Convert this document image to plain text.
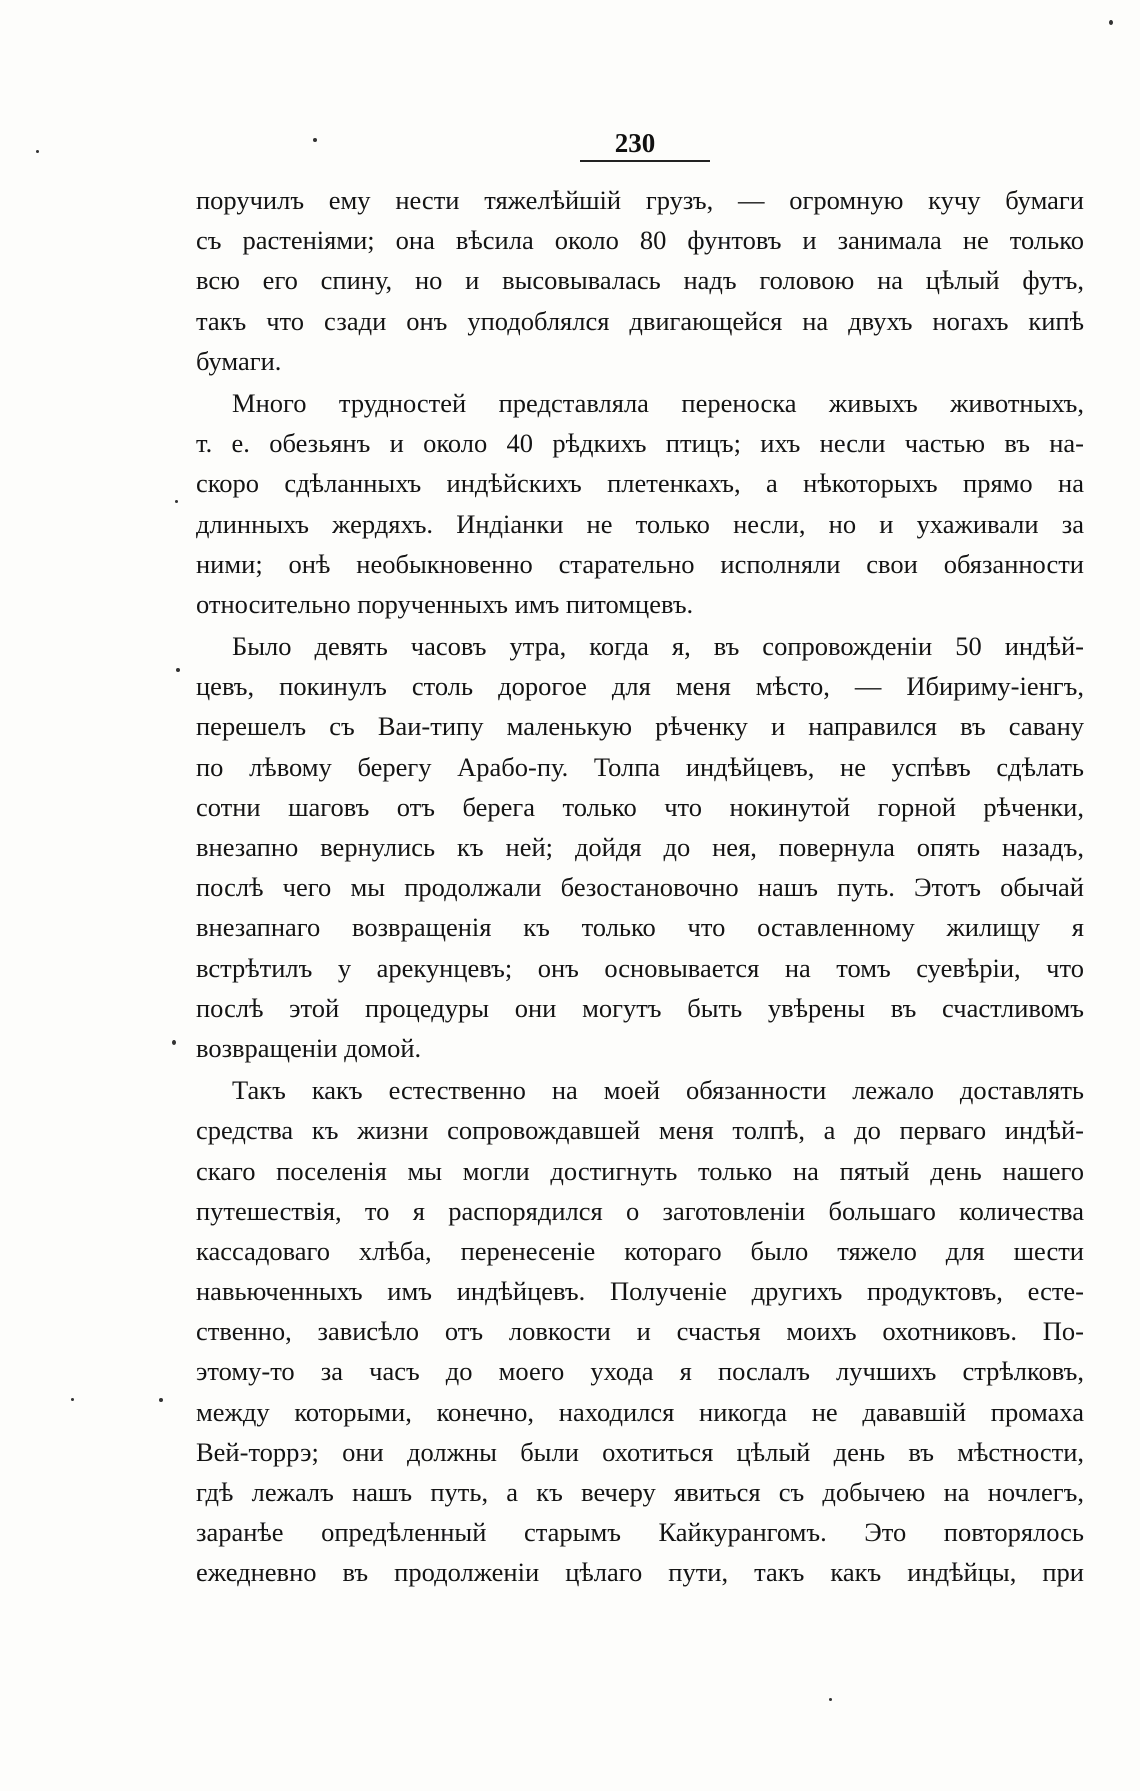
230
поручилъ ему нести тяжелѣйшій грузъ, — огромную кучу бумаги
съ растеніями; она вѣсила около 80 фунтовъ и занимала не только
всю его спину, но и высовывалась надъ головою на цѣлый футъ,
такъ что сзади онъ уподоблялся двигающейся на двухъ ногахъ кипѣ
бумаги.
Много трудностей представляла переноска живыхъ животныхъ,
т. е. обезьянъ и около 40 рѣдкихъ птицъ; ихъ несли частью въ на-
скоро сдѣланныхъ индѣйскихъ плетенкахъ, а нѣкоторыхъ прямо на
длинныхъ жердяхъ. Индіанки не только несли, но и ухаживали за
ними; онѣ необыкновенно старательно исполняли свои обязанности
относительно порученныхъ имъ питомцевъ.
Было девять часовъ утра, когда я, въ сопровожденіи 50 индѣй-
цевъ, покинулъ столь дорогое для меня мѣсто, — Ибириму-іенгъ,
перешелъ съ Ваи-типу маленькую рѣченку и направился въ савану
по лѣвому берегу Арабо-пу. Толпа индѣйцевъ, не успѣвъ сдѣлать
сотни шаговъ отъ берега только что нокинутой горной рѣченки,
внезапно вернулись къ ней; дойдя до нея, повернула опять назадъ,
послѣ чего мы продолжали безостановочно нашъ путь. Этотъ обычай
внезапнаго возвращенія къ только что оставленному жилищу я
встрѣтилъ у арекунцевъ; онъ основывается на томъ суевѣріи, что
послѣ этой процедуры они могутъ быть увѣрены въ счастливомъ
возвращеніи домой.
Такъ какъ естественно на моей обязанности лежало доставлять
средства къ жизни сопровождавшей меня толпѣ, а до перваго индѣй-
скаго поселенія мы могли достигнуть только на пятый день нашего
путешествія, то я распорядился о заготовленіи большаго количества
кассадоваго хлѣба, перенесеніе котораго было тяжело для шести
навьюченныхъ имъ индѣйцевъ. Полученіе другихъ продуктовъ, есте-
ственно, зависѣло отъ ловкости и счастья моихъ охотниковъ. По-
этому-то за часъ до моего ухода я послалъ лучшихъ стрѣлковъ,
между которыми, конечно, находился никогда не дававшій промаха
Вей-торрэ; они должны были охотиться цѣлый день въ мѣстности,
гдѣ лежалъ нашъ путь, а къ вечеру явиться съ добычею на ночлегъ,
заранѣе опредѣленный старымъ Кайкурангомъ. Это повторялось
ежедневно въ продолженіи цѣлаго пути, такъ какъ индѣйцы, при
